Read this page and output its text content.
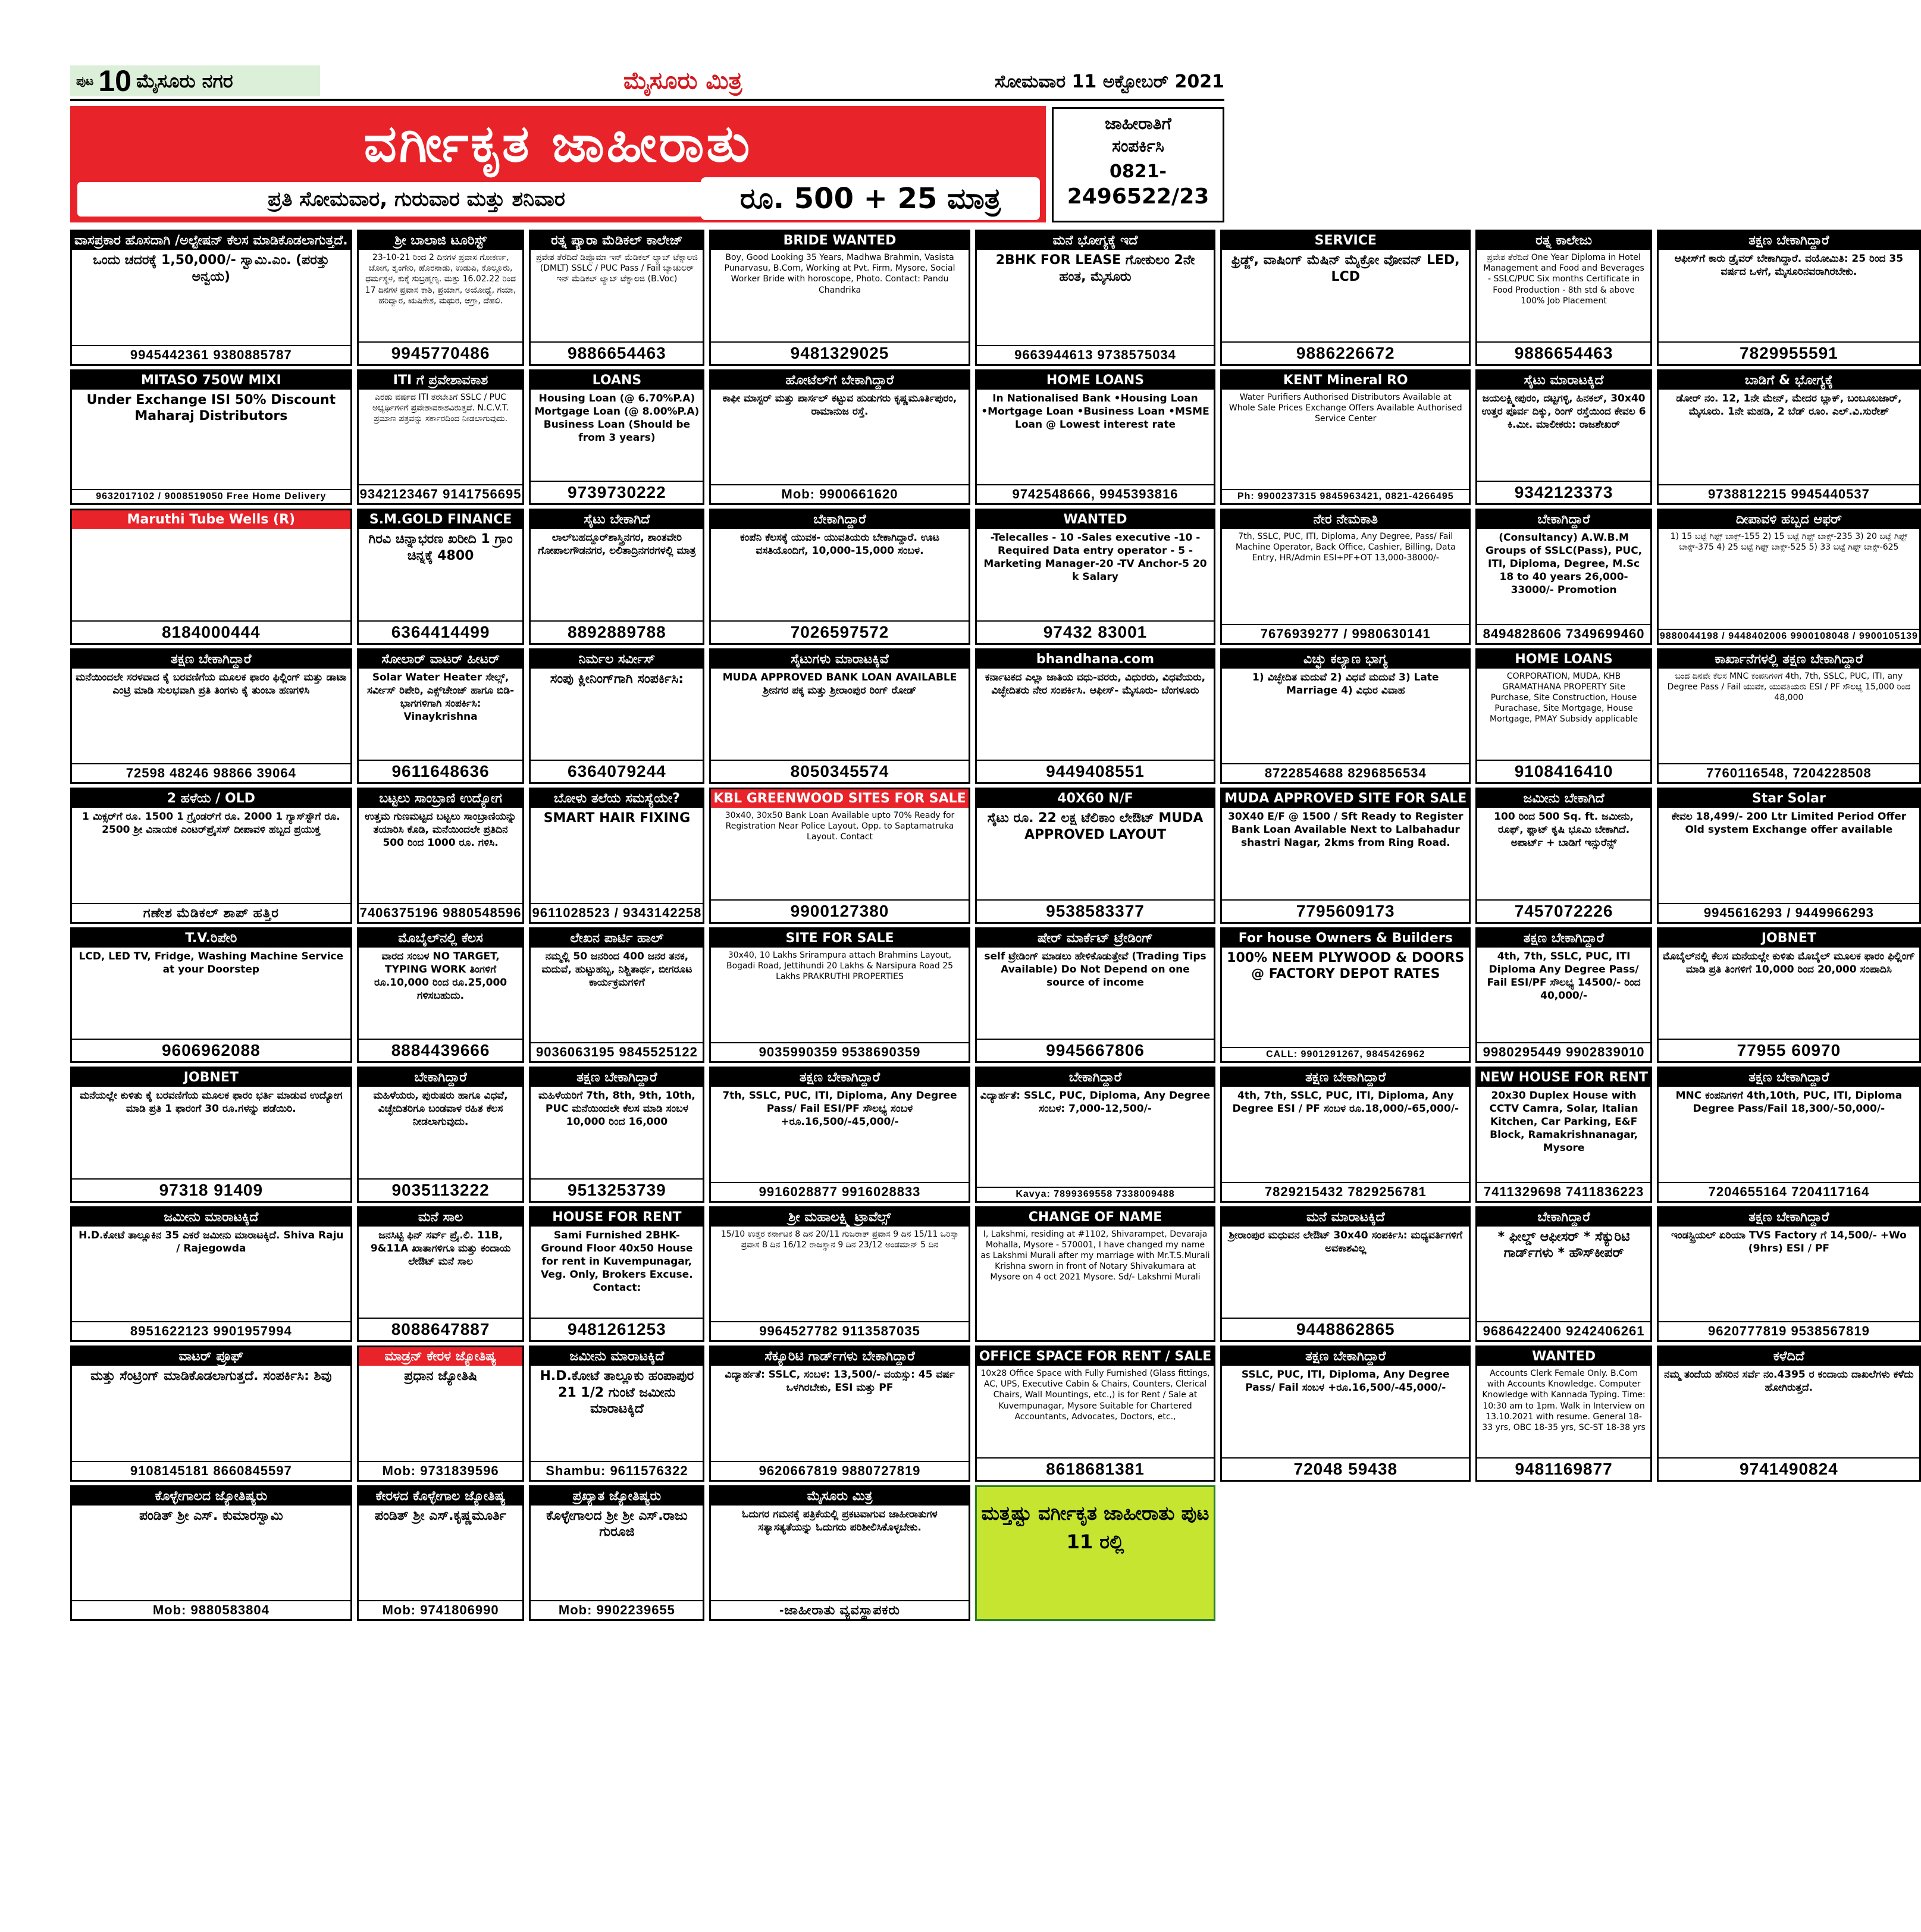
ಪುಟ 10 ಮೈಸೂರು ನಗರ	ಮೈಸೂರು ಮಿತ್ರ	ಸೋಮವಾರ 11 ಅಕ್ಟೋಬರ್ 2021
ವರ್ಗೀಕೃತ ಜಾಹೀರಾತು
ಪ್ರತಿ ಸೋಮವಾರ, ಗುರುವಾರ ಮತ್ತು ಶನಿವಾರ	ರೂ. 500 + 25 ಮಾತ್ರ
ಜಾಹೀರಾತಿಗೆ
ಸಂಪರ್ಕಿಸಿ
0821-
2496522/23
ವಾಸಪ್ರಕಾರ ಹೊಸದಾಗಿ /ಅಲ್ಟೇಷನ್ ಕೆಲಸ ಮಾಡಿಕೊಡಲಾಗುತ್ತದೆ.
ಒಂದು ಚದರಕ್ಕೆ 1,50,000/- ಸ್ವಾಮಿ.ಎಂ. (ಪರತ್ತು ಅನ್ವಯ)
9945442361 9380885787
ಶ್ರೀ ಬಾಲಾಜಿ ಟೂರಿಸ್ಟ್
23-10-21 ರಿಂದ 2 ದಿನಗಳ ಪ್ರವಾಸ ಗೋಕರ್ಣ, ಜೋಗ, ಶೃಂಗೇರಿ, ಹೊರನಾಡು, ಉಡುಪಿ, ಕೊಲ್ಲೂರು, ಧರ್ಮಸ್ಥಳ, ಕುಕ್ಕೆ ಸುಬ್ರಹ್ಮಣ್ಯ. ಮತ್ತು 16.02.22 ರಿಂದ 17 ದಿನಗಳ ಪ್ರವಾಸ ಕಾಶಿ, ಪ್ರಯಾಗ, ಅಯೋಧ್ಯೆ, ಗಯಾ, ಹರಿದ್ವಾರ, ಋಷಿಕೇಶ, ಮಥುರ, ಆಗ್ರಾ, ದೆಹಲಿ.
9945770486
ರತ್ನ ಪ್ಯಾರಾ ಮೆಡಿಕಲ್ ಕಾಲೇಜ್
ಪ್ರವೇಶ ತೆರೆದಿದೆ ಡಿಪ್ಲೊಮಾ ಇನ್ ಮೆಡಿಕಲ್ ಲ್ಯಾಬ್ ಟೆಕ್ನಾಲಜಿ (DMLT) SSLC / PUC Pass / Fail ಬ್ಯಾಚುಲರ್ ಇನ್ ಮೆಡಿಕಲ್ ಲ್ಯಾಬ್ ಟೆಕ್ನಾಲಜಿ (B.Voc)
9886654463
BRIDE WANTED
Boy, Good Looking 35 Years, Madhwa Brahmin, Vasista Punarvasu, B.Com, Working at Pvt. Firm, Mysore, Social Worker Bride with horoscope, Photo. Contact: Pandu Chandrika
9481329025
ಮನೆ ಭೋಗ್ಯಕ್ಕೆ ಇದೆ
2BHK FOR LEASE ಗೋಕುಲಂ 2ನೇ ಹಂತ, ಮೈಸೂರು
9663944613 9738575034
SERVICE
ಫ್ರಿಡ್ಜ್, ವಾಷಿಂಗ್ ಮೆಷಿನ್ ಮೈಕ್ರೋ ವೋವನ್ LED, LCD
9886226672
ರತ್ನ ಕಾಲೇಜು
ಪ್ರವೇಶ ತೆರೆದಿದೆ One Year Diploma in Hotel Management and Food and Beverages - SSLC/PUC Six months Certificate in Food Production - 8th std & above 100% Job Placement
9886654463
ತಕ್ಷಣ ಬೇಕಾಗಿದ್ದಾರೆ
ಆಫೀಸ್‌ಗೆ ಕಾರು ಡ್ರೈವರ್ ಬೇಕಾಗಿದ್ದಾರೆ. ವಯೋಮಿತಿ: 25 ರಿಂದ 35 ವರ್ಷದ ಒಳಗೆ, ಮೈಸೂರಿನವರಾಗಿರಬೇಕು.
7829955591
MITASO 750W MIXI
Under Exchange ISI 50% Discount Maharaj Distributors
9632017102 / 9008519050 Free Home Delivery
ITI ಗೆ ಪ್ರವೇಶಾವಕಾಶ
ಎರಡು ವರ್ಷದ ITI ತರಬೇತಿಗೆ SSLC / PUC ಅಭ್ಯರ್ಥಿಗಳಿಗೆ ಪ್ರವೇಶಾವಕಾಶವಿರುತ್ತದೆ. N.C.V.T. ಪ್ರಮಾಣ ಪತ್ರವನ್ನು ಸರ್ಕಾರದಿಂದ ನೀಡಲಾಗುವುದು.
9342123467 9141756695
LOANS
Housing Loan (@ 6.70%P.A) Mortgage Loan (@ 8.00%P.A) Business Loan (Should be from 3 years)
9739730222
ಹೋಟೆಲ್‌ಗೆ ಬೇಕಾಗಿದ್ದಾರೆ
ಕಾಫೀ ಮಾಸ್ಟರ್ ಮತ್ತು ಪಾರ್ಸಲ್ ಕಟ್ಟುವ ಹುಡುಗರು ಕೃಷ್ಣಮೂರ್ತಿಪುರಂ, ರಾಮಾನುಜ ರಸ್ತೆ.
Mob: 9900661620
HOME LOANS
In Nationalised Bank •Housing Loan •Mortgage Loan •Business Loan •MSME Loan @ Lowest interest rate
9742548666, 9945393816
KENT Mineral RO
Water Purifiers Authorised Distributors Available at Whole Sale Prices Exchange Offers Available Authorised Service Center
Ph: 9900237315 9845963421, 0821-4266495
ಸೈಟು ಮಾರಾಟಕ್ಕಿದೆ
ಜಯಲಕ್ಷ್ಮೀಪುರಂ, ದಟ್ಟಗಳ್ಳಿ, ಹಿನಕಲ್, 30x40 ಉತ್ತರ ಪೂರ್ವ ದಿಕ್ಕು, ರಿಂಗ್ ರಸ್ತೆಯಿಂದ ಕೇವಲ 6 ಕಿ.ಮೀ. ಮಾಲೀಕರು: ರಾಜಶೇಖರ್
9342123373
ಬಾಡಿಗೆ & ಭೋಗ್ಯಕ್ಕೆ
ಡೋರ್ ನಂ. 12, 1ನೇ ಮೇನ್, ಮೇದರ ಬ್ಲಾಕ್, ಬಂಬೂಬಜಾರ್, ಮೈಸೂರು. 1ನೇ ಮಹಡಿ, 2 ಬೆಡ್ ರೂಂ. ಎಲ್.ವಿ.ಸುರೇಶ್
9738812215 9945440537
Maruthi Tube Wells (R)
8184000444
S.M.GOLD FINANCE
ಗಿರವಿ ಚಿನ್ನಾಭರಣ ಖರೀದಿ 1 ಗ್ರಾಂ ಚಿನ್ನಕ್ಕೆ 4800
6364414499
ಸೈಟು ಬೇಕಾಗಿದೆ
ಲಾಲ್‌ಬಹದ್ದೂರ್‌ಶಾಸ್ತ್ರಿನಗರ, ಶಾಂತವೇರಿ ಗೋಪಾಲಗೌಡನಗರ, ಲಲಿತಾದ್ರಿನಗರಗಳಲ್ಲಿ ಮಾತ್ರ
8892889788
ಬೇಕಾಗಿದ್ದಾರೆ
ಕಂಪೆನಿ ಕೆಲಸಕ್ಕೆ ಯುವಕ- ಯುವತಿಯರು ಬೇಕಾಗಿದ್ದಾರೆ. ಊಟ ವಸತಿಯೊಂದಿಗೆ, 10,000-15,000 ಸಂಬಳ.
7026597572
WANTED
-Telecalles - 10 -Sales executive -10 -Required Data entry operator - 5 -Marketing Manager-20 -TV Anchor-5 20 k Salary
97432 83001
ನೇರ ನೇಮಕಾತಿ
7th, SSLC, PUC, ITI, Diploma, Any Degree, Pass/ Fail Machine Operator, Back Office, Cashier, Billing, Data Entry, HR/Admin ESI+PF+OT 13,000-38000/-
7676939277 / 9980630141
ಬೇಕಾಗಿದ್ದಾರೆ
(Consultancy) A.W.B.M Groups of SSLC(Pass), PUC, ITI, Diploma, Degree, M.Sc 18 to 40 years 26,000-33000/- Promotion
8494828606 7349699460
ದೀಪಾವಳಿ ಹಬ್ಬದ ಆಫರ್
1) 15 ಬಟ್ಟೆ ಗಿಫ್ಟ್ ಬಾಕ್ಸ್-155 2) 15 ಬಟ್ಟೆ ಗಿಫ್ಟ್ ಬಾಕ್ಸ್-235 3) 20 ಬಟ್ಟೆ ಗಿಫ್ಟ್ ಬಾಕ್ಸ್-375 4) 25 ಬಟ್ಟೆ ಗಿಫ್ಟ್ ಬಾಕ್ಸ್-525 5) 33 ಬಟ್ಟೆ ಗಿಫ್ಟ್ ಬಾಕ್ಸ್-625
9880044198 / 9448402006 9900108048 / 9900105139
ತಕ್ಷಣ ಬೇಕಾಗಿದ್ದಾರೆ
ಮನೆಯಿಂದಲೇ ಸರಳವಾದ ಕೈ ಬರವಣಿಗೆಯ ಮೂಲಕ ಫಾರಂ ಫಿಲ್ಲಿಂಗ್ ಮತ್ತು ಡಾಟಾ ಎಂಟ್ರಿ ಮಾಡಿ ಸುಲಭವಾಗಿ ಪ್ರತಿ ತಿಂಗಳು ಕೈ ತುಂಬಾ ಹಣಗಳಿಸಿ
72598 48246 98866 39064
ಸೋಲಾರ್ ವಾಟರ್ ಹೀಟರ್
Solar Water Heater ಸೇಲ್ಸ್, ಸರ್ವೀಸ್ ರಿಪೇರಿ, ಎಕ್ಸ್‌ಚೇಂಜ್ ಹಾಗೂ ಬಿಡಿ-ಭಾಗಗಳಿಗಾಗಿ ಸಂಪರ್ಕಿಸಿ: Vinaykrishna
9611648636
ನಿರ್ಮಲ ಸರ್ವೀಸ್
ಸಂಪು ಕ್ಲೀನಿಂಗ್‌ಗಾಗಿ ಸಂಪರ್ಕಿಸಿ:
6364079244
ಸೈಟುಗಳು ಮಾರಾಟಕ್ಕಿವೆ
MUDA APPROVED BANK LOAN AVAILABLE ಶ್ರೀನಗರ ಪಕ್ಕ ಮತ್ತು ಶ್ರೀರಾಂಪುರ ರಿಂಗ್ ರೋಡ್
8050345574
bhandhana.com
ಕರ್ನಾಟಕದ ಎಲ್ಲಾ ಜಾತಿಯ ವಧು-ವರರು, ವಿಧುರರು, ವಿಧವೆಯರು, ವಿಚ್ಛೇದಿತರು ನೇರ ಸಂಪರ್ಕಿಸಿ. ಆಫೀಸ್- ಮೈಸೂರು- ಬೆಂಗಳೂರು
9449408551
ವಿಚ್ಛು ಕಲ್ಯಾಣ ಭಾಗ್ಯ
1) ವಿಚ್ಛೇದಿತ ಮದುವೆ 2) ವಿಧವೆ ಮದುವೆ 3) Late Marriage 4) ವಿಧುರ ವಿವಾಹ
8722854688 8296856534
HOME LOANS
CORPORATION, MUDA, KHB GRAMATHANA PROPERTY Site Purchase, Site Construction, House Purachase, Site Mortgage, House Mortgage, PMAY Subsidy applicable
9108416410
ಕಾರ್ಖಾನೆಗಳಲ್ಲಿ ತಕ್ಷಣ ಬೇಕಾಗಿದ್ದಾರೆ
ಬಂದ ದಿನವೇ ಕೆಲಸ MNC ಕಂಪನಿಗಳಿಗೆ 4th, 7th, SSLC, PUC, ITI, any Degree Pass / Fail ಯುವಕ, ಯುವತಿಯರು ESI / PF ಸೌಲಭ್ಯ 15,000 ರಿಂದ 48,000
7760116548, 7204228508
2 ಹಳೆಯ / OLD
1 ಮಿಕ್ಸರ್‌ಗೆ ರೂ. 1500 1 ಗ್ರೈಂಡರ್‌ಗೆ ರೂ. 2000 1 ಗ್ಯಾಸ್‌ಸ್ಟೌಗೆ ರೂ. 2500 ಶ್ರೀ ವಿನಾಯಕ ಎಂಟರ್‌ಪ್ರೈಸಸ್ ದೀಪಾವಳಿ ಹಬ್ಬದ ಪ್ರಯುಕ್ತ
ಗಣೇಶ ಮೆಡಿಕಲ್ ಶಾಪ್ ಹತ್ತಿರ
ಬಟ್ಟಲು ಸಾಂಬ್ರಾಣಿ ಉದ್ಯೋಗ
ಉತ್ತಮ ಗುಣಮಟ್ಟದ ಬಟ್ಟಲು ಸಾಂಬ್ರಾಣಿಯನ್ನು ತಯಾರಿಸಿ ಕೊಡಿ, ಮನೆಯಿಂದಲೇ ಪ್ರತಿದಿನ 500 ರಿಂದ 1000 ರೂ. ಗಳಿಸಿ.
7406375196 9880548596
ಬೋಳು ತಲೆಯ ಸಮಸ್ಯೆಯೇ?
SMART HAIR FIXING
9611028523 / 9343142258
KBL GREENWOOD SITES FOR SALE
30x40, 30x50 Bank Loan Available upto 70% Ready for Registration Near Police Layout, Opp. to Saptamatruka Layout. Contact
9900127380
40X60 N/F
ಸೈಟು ರೂ. 22 ಲಕ್ಷ ಟೆಲಿಕಾಂ ಲೇಔಟ್ MUDA APPROVED LAYOUT
9538583377
MUDA APPROVED SITE FOR SALE
30X40 E/F @ 1500 / Sft Ready to Register Bank Loan Available Next to Lalbahadur shastri Nagar, 2kms from Ring Road.
7795609173
ಜಮೀನು ಬೇಕಾಗಿದೆ
100 ರಿಂದ 500 Sq. ft. ಜಮೀನು, ರೂಫ್, ಫ್ಲಾಟ್ ಕೃಷಿ ಭೂಮಿ ಬೇಕಾಗಿದೆ. ಅಪಾರ್ಟ್ + ಬಾಡಿಗೆ ಇನ್ಸುರೆನ್ಸ್
7457072226
Star Solar
ಕೇವಲ 18,499/- 200 Ltr Limited Period Offer Old system Exchange offer available
9945616293 / 9449966293
T.V.ರಿಪೇರಿ
LCD, LED TV, Fridge, Washing Machine Service at your Doorstep
9606962088
ಮೊಬೈಲ್‌ನಲ್ಲಿ ಕೆಲಸ
ವಾರದ ಸಂಬಳ NO TARGET, TYPING WORK ತಿಂಗಳಿಗೆ ರೂ.10,000 ರಿಂದ ರೂ.25,000 ಗಳಿಸಬಹುದು.
8884439666
ಲೇಖನ ಪಾರ್ಟಿ ಹಾಲ್
ನಮ್ಮಲ್ಲಿ 50 ಜನರಿಂದ 400 ಜನರ ತನಕ, ಮದುವೆ, ಹುಟ್ಟುಹಬ್ಬ, ನಿಶ್ಚಿತಾರ್ಥ, ಬೀಗರೂಟ ಕಾರ್ಯಕ್ರಮಗಳಿಗೆ
9036063195 9845525122
SITE FOR SALE
30x40, 10 Lakhs Srirampura attach Brahmins Layout, Bogadi Road, Jettihundi 20 Lakhs & Narsipura Road 25 Lakhs PRAKRUTHI PROPERTIES
9035990359 9538690359
ಷೇರ್ ಮಾರ್ಕೆಟ್ ಟ್ರೇಡಿಂಗ್
self ಟ್ರೇಡಿಂಗ್ ಮಾಡಲು ಹೇಳಿಕೊಡುತ್ತೇವೆ (Trading Tips Available) Do Not Depend on one source of income
9945667806
For house Owners & Builders
100% NEEM PLYWOOD & DOORS @ FACTORY DEPOT RATES
CALL: 9901291267, 9845426962
ತಕ್ಷಣ ಬೇಕಾಗಿದ್ದಾರೆ
4th, 7th, SSLC, PUC, ITI Diploma Any Degree Pass/ Fail ESI/PF ಸೌಲಭ್ಯ 14500/- ರಿಂದ 40,000/-
9980295449 9902839010
JOBNET
ಮೊಬೈಲ್‌ನಲ್ಲಿ ಕೆಲಸ ಮನೆಯಲ್ಲೇ ಕುಳಿತು ಮೊಬೈಲ್ ಮೂಲಕ ಫಾರಂ ಫಿಲ್ಲಿಂಗ್ ಮಾಡಿ ಪ್ರತಿ ತಿಂಗಳಿಗೆ 10,000 ರಿಂದ 20,000 ಸಂಪಾದಿಸಿ
77955 60970
JOBNET
ಮನೆಯಲ್ಲೇ ಕುಳಿತು ಕೈ ಬರವಣಿಗೆಯ ಮೂಲಕ ಫಾರಂ ಭರ್ತಿ ಮಾಡುವ ಉದ್ಯೋಗ ಮಾಡಿ ಪ್ರತಿ 1 ಫಾರಂಗೆ 30 ರೂ.ಗಳನ್ನು ಪಡೆಯಿರಿ.
97318 91409
ಬೇಕಾಗಿದ್ದಾರೆ
ಮಹಿಳೆಯರು, ಪುರುಷರು ಹಾಗೂ ವಿಧವೆ, ವಿಚ್ಛೇದಿತರಿಗೂ ಬಂಡವಾಳ ರಹಿತ ಕೆಲಸ ನೀಡಲಾಗುವುದು.
9035113222
ತಕ್ಷಣ ಬೇಕಾಗಿದ್ದಾರೆ
ಮಹಿಳೆಯರಿಗೆ 7th, 8th, 9th, 10th, PUC ಮನೆಯಿಂದಲೇ ಕೆಲಸ ಮಾಡಿ ಸಂಬಳ 10,000 ರಿಂದ 16,000
9513253739
ತಕ್ಷಣ ಬೇಕಾಗಿದ್ದಾರೆ
7th, SSLC, PUC, ITI, Diploma, Any Degree Pass/ Fail ESI/PF ಸೌಲಭ್ಯ ಸಂಬಳ +ರೂ.16,500/-45,000/-
9916028877 9916028833
ಬೇಕಾಗಿದ್ದಾರೆ
ವಿದ್ಯಾರ್ಹತೆ: SSLC, PUC, Diploma, Any Degree ಸಂಬಳ: 7,000-12,500/-
Kavya: 7899369558 7338009488
ತಕ್ಷಣ ಬೇಕಾಗಿದ್ದಾರೆ
4th, 7th, SSLC, PUC, ITI, Diploma, Any Degree ESI / PF ಸಂಬಳ ರೂ.18,000/-65,000/-
7829215432 7829256781
NEW HOUSE FOR RENT
20x30 Duplex House with CCTV Camra, Solar, Italian Kitchen, Car Parking, E&F Block, Ramakrishnanagar, Mysore
7411329698 7411836223
ತಕ್ಷಣ ಬೇಕಾಗಿದ್ದಾರೆ
MNC ಕಂಪನಿಗಳಿಗೆ 4th,10th, PUC, ITI, Diploma Degree Pass/Fail 18,300/-50,000/-
7204655164 7204117164
ಜಮೀನು ಮಾರಾಟಕ್ಕಿದೆ
H.D.ಕೋಟೆ ತಾಲ್ಲೂಕಿನ 35 ಎಕರೆ ಜಮೀನು ಮಾರಾಟಕ್ಕಿದೆ. Shiva Raju / Rajegowda
8951622123 9901957994
ಮನೆ ಸಾಲ
ಜನಸಿಟ್ಟಿ ಫಿನ್ ಸರ್ವ್ ಪ್ರೈ.ಲಿ. 11B, 9&11A ಖಾತಾಗಳಿಗೂ ಮತ್ತು ಕಂದಾಯ ಲೇಔಟ್ ಮನೆ ಸಾಲ
8088647887
HOUSE FOR RENT
Sami Furnished 2BHK-Ground Floor 40x50 House for rent in Kuvempunagar, Veg. Only, Brokers Excuse. Contact:
9481261253
ಶ್ರೀ ಮಹಾಲಕ್ಷ್ಮಿ ಟ್ರಾವೆಲ್ಸ್
15/10 ಉತ್ತರ ಕರ್ನಾಟಕ 8 ದಿನ 20/11 ಗುಜರಾತ್ ಪ್ರವಾಸ 9 ದಿನ 15/11 ಒರಿಸ್ಸಾ ಪ್ರವಾಸ 8 ದಿನ 16/12 ರಾಜಸ್ಥಾನ 9 ದಿನ 23/12 ಅಂಡಮಾನ್ 5 ದಿನ
9964527782 9113587035
CHANGE OF NAME
I, Lakshmi, residing at #1102, Shivarampet, Devaraja Mohalla, Mysore - 570001, I have changed my name as Lakshmi Murali after my marriage with Mr.T.S.Murali Krishna sworn in front of Notary Shivakumara at Mysore on 4 oct 2021 Mysore. Sd/- Lakshmi Murali
ಮನೆ ಮಾರಾಟಕ್ಕಿದೆ
ಶ್ರೀರಾಂಪುರ ಮಧುವನ ಲೇಔಟ್ 30x40 ಸಂಪರ್ಕಿಸಿ: ಮಧ್ಯವರ್ತಿಗಳಿಗೆ ಅವಕಾಶವಿಲ್ಲ
9448862865
ಬೇಕಾಗಿದ್ದಾರೆ
* ಫೀಲ್ಡ್ ಆಫೀಸರ್ * ಸೆಕ್ಯುರಿಟಿ ಗಾರ್ಡ್‌ಗಳು * ಹೌಸ್‌ಕೀಪರ್
9686422400 9242406261
ತಕ್ಷಣ ಬೇಕಾಗಿದ್ದಾರೆ
ಇಂಡಸ್ಟ್ರಿಯಲ್ ಏರಿಯಾ TVS Factory ಗೆ 14,500/- +Wo (9hrs) ESI / PF
9620777819 9538567819
ವಾಟರ್ ಪ್ರೂಫ್
ಮತ್ತು ಸೆಂಟ್ರಿಂಗ್ ಮಾಡಿಕೊಡಲಾಗುತ್ತದೆ. ಸಂಪರ್ಕಿಸಿ: ಶಿವು
9108145181 8660845597
ಮಾಡ್ರನ್ ಕೇರಳ ಜ್ಯೋತಿಷ್ಯ
ಪ್ರಧಾನ ಜ್ಯೋತಿಷಿ
Mob: 9731839596
ಜಮೀನು ಮಾರಾಟಕ್ಕಿದೆ
H.D.ಕೋಟೆ ತಾಲ್ಲೂಕು ಹಂಪಾಪುರ 21 1/2 ಗುಂಟೆ ಜಮೀನು ಮಾರಾಟಕ್ಕಿದೆ
Shambu: 9611576322
ಸೆಕ್ಯೂರಿಟಿ ಗಾರ್ಡ್‌ಗಳು ಬೇಕಾಗಿದ್ದಾರೆ
ವಿದ್ಯಾರ್ಹತೆ: SSLC, ಸಂಬಳ: 13,500/- ವಯಸ್ಸು: 45 ವರ್ಷ ಒಳಗಿರಬೇಕು, ESI ಮತ್ತು PF
9620667819 9880727819
OFFICE SPACE FOR RENT / SALE
10x28 Office Space with Fully Furnished (Glass fittings, AC, UPS, Executive Cabin & Chairs, Counters, Clerical Chairs, Wall Mountings, etc.,) is for Rent / Sale at Kuvempunagar, Mysore Suitable for Chartered Accountants, Advocates, Doctors, etc.,
8618681381
ತಕ್ಷಣ ಬೇಕಾಗಿದ್ದಾರೆ
SSLC, PUC, ITI, Diploma, Any Degree Pass/ Fail ಸಂಬಳ +ರೂ.16,500/-45,000/-
72048 59438
WANTED
Accounts Clerk Female Only. B.Com with Accounts Knowledge. Computer Knowledge with Kannada Typing. Time: 10:30 am to 1pm. Walk in Interview on 13.10.2021 with resume. General 18-33 yrs, OBC 18-35 yrs, SC-ST 18-38 yrs
9481169877
ಕಳೆದಿದೆ
ನಮ್ಮ ತಂದೆಯ ಹೆಸರಿನ ಸರ್ವೆ ನಂ.4395 ರ ಕಂದಾಯ ದಾಖಲೆಗಳು ಕಳೆದು ಹೋಗಿರುತ್ತದೆ.
9741490824
ಕೊಳ್ಳೇಗಾಲದ ಜ್ಯೋತಿಷ್ಯರು
ಪಂಡಿತ್ ಶ್ರೀ ಎಸ್. ಕುಮಾರಸ್ವಾಮಿ
Mob: 9880583804
ಕೇರಳದ ಕೊಳ್ಳೇಗಾಲ ಜ್ಯೋತಿಷ್ಯ
ಪಂಡಿತ್ ಶ್ರೀ ಎಸ್.ಕೃಷ್ಣಮೂರ್ತಿ
Mob: 9741806990
ಪ್ರಖ್ಯಾತ ಜ್ಯೋತಿಷ್ಯರು
ಕೊಳ್ಳೇಗಾಲದ ಶ್ರೀ ಶ್ರೀ ಎಸ್.ರಾಜು ಗುರೂಜಿ
Mob: 9902239655
ಮೈಸೂರು ಮಿತ್ರ
ಓದುಗರ ಗಮನಕ್ಕೆ ಪತ್ರಿಕೆಯಲ್ಲಿ ಪ್ರಕಟವಾಗುವ ಜಾಹೀರಾತುಗಳ ಸತ್ಯಾಸತ್ಯತೆಯನ್ನು ಓದುಗರು ಪರಿಶೀಲಿಸಿಕೊಳ್ಳಬೇಕು.
-ಜಾಹೀರಾತು ವ್ಯವಸ್ಥಾಪಕರು
ಮತ್ತಷ್ಟು ವರ್ಗೀಕೃತ ಜಾಹೀರಾತು ಪುಟ 11 ರಲ್ಲಿ
